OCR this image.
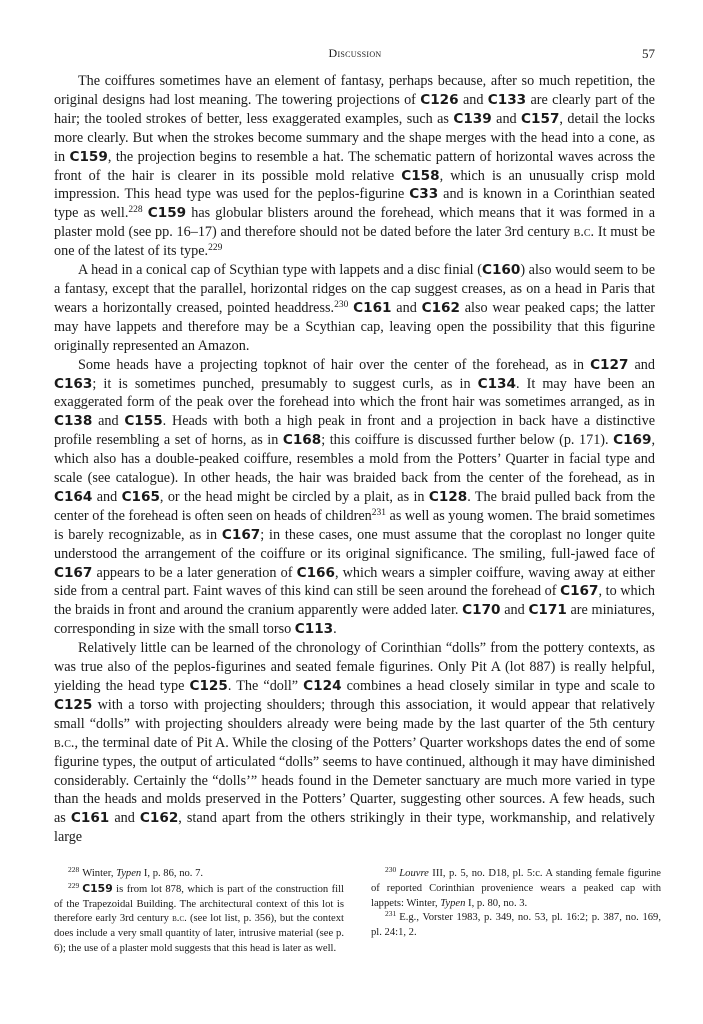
Discussion	57

The coiffures sometimes have an element of fantasy, perhaps because, after so much repetition, the original designs had lost meaning. The towering projections of C126 and C133 are clearly part of the hair; the tooled strokes of better, less exaggerated examples, such as C139 and C157, detail the locks more clearly. But when the strokes become summary and the shape merges with the head into a cone, as in C159, the projection begins to resemble a hat. The schematic pattern of horizontal waves across the front of the hair is clearer in its possible mold relative C158, which is an unusually crisp mold impression. This head type was used for the peplos-figurine C33 and is known in a Corinthian seated type as well.$^{228}$ C159 has globular blisters around the forehead, which means that it was formed in a plaster mold (see pp. 16–17) and therefore should not be dated before the later 3rd century b.c. It must be one of the latest of its type.$^{229}$

A head in a conical cap of Scythian type with lappets and a disc finial (C160) also would seem to be a fantasy, except that the parallel, horizontal ridges on the cap suggest creases, as on a head in Paris that wears a horizontally creased, pointed headdress.$^{230}$ C161 and C162 also wear peaked caps; the latter may have lappets and therefore may be a Scythian cap, leaving open the possibility that this figurine originally represented an Amazon.

Some heads have a projecting topknot of hair over the center of the forehead, as in C127 and C163; it is sometimes punched, presumably to suggest curls, as in C134. It may have been an exaggerated form of the peak over the forehead into which the front hair was sometimes arranged, as in C138 and C155. Heads with both a high peak in front and a projection in back have a distinctive profile resembling a set of horns, as in C168; this coiffure is discussed further below (p. 171). C169, which also has a double-peaked coiffure, resembles a mold from the Potters’ Quarter in facial type and scale (see catalogue). In other heads, the hair was braided back from the center of the forehead, as in C164 and C165, or the head might be circled by a plait, as in C128. The braid pulled back from the center of the forehead is often seen on heads of children$^{231}$ as well as young women. The braid sometimes is barely recognizable, as in C167; in these cases, one must assume that the coroplast no longer quite understood the arrangement of the coiffure or its original significance. The smiling, full-jawed face of C167 appears to be a later generation of C166, which wears a simpler coiffure, waving away at either side from a central part. Faint waves of this kind can still be seen around the forehead of C167, to which the braids in front and around the cranium apparently were added later. C170 and C171 are miniatures, corresponding in size with the small torso C113.

Relatively little can be learned of the chronology of Corinthian “dolls” from the pottery contexts, as was true also of the peplos-figurines and seated female figurines. Only Pit A (lot 887) is really helpful, yielding the head type C125. The “doll” C124 combines a head closely similar in type and scale to C125 with a torso with projecting shoulders; through this association, it would appear that relatively small “dolls” with projecting shoulders already were being made by the last quarter of the 5th century b.c., the terminal date of Pit A. While the closing of the Potters’ Quarter workshops dates the end of some figurine types, the output of articulated “dolls” seems to have continued, although it may have diminished considerably. Certainly the “dolls’” heads found in the Demeter sanctuary are much more varied in type than the heads and molds preserved in the Potters’ Quarter, suggesting other sources. A few heads, such as C161 and C162, stand apart from the others strikingly in their type, workmanship, and relatively large

$^{228}$ Winter, Typen I, p. 86, no. 7.

$^{229}$ C159 is from lot 878, which is part of the construction fill of the Trapezoidal Building. The architectural context of this lot is therefore early 3rd century b.c. (see lot list, p. 356), but the context does include a very small quantity of later, intrusive material (see p. 6); the use of a plaster mold suggests that this head is later as well.

$^{230}$ Louvre III, p. 5, no. D18, pl. 5:c. A standing female figurine of reported Corinthian provenience wears a peaked cap with lappets: Winter, Typen I, p. 80, no. 3.

$^{231}$ E.g., Vorster 1983, p. 349, no. 53, pl. 16:2; p. 387, no. 169, pl. 24:1, 2.
